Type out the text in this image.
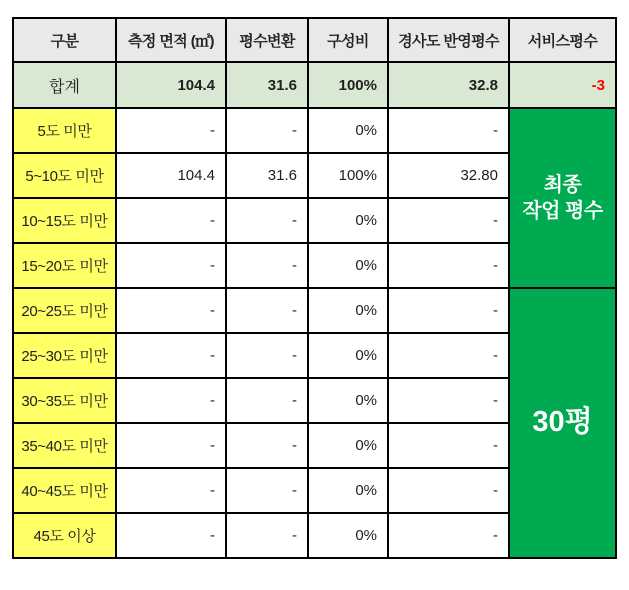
구분	측정 면적 (㎡)	평수변환	구성비	경사도 반영평수	서비스평수
합계	104.4	31.6	100%	32.8	-3
5도 미만	-	-	0%	-	최종
작업 평수

5~10도 미만	104.4	31.6	100%	32.80	
10~15도 미만	-	-	0%	-	
15~20도 미만	-	-	0%	-	
20~25도 미만	-	-	0%	-	30평
25~30도 미만	-	-	0%	-	
30~35도 미만	-	-	0%	-	
35~40도 미만	-	-	0%	-	
40~45도 미만	-	-	0%	-	
45도 이상	-	-	0%	-	
